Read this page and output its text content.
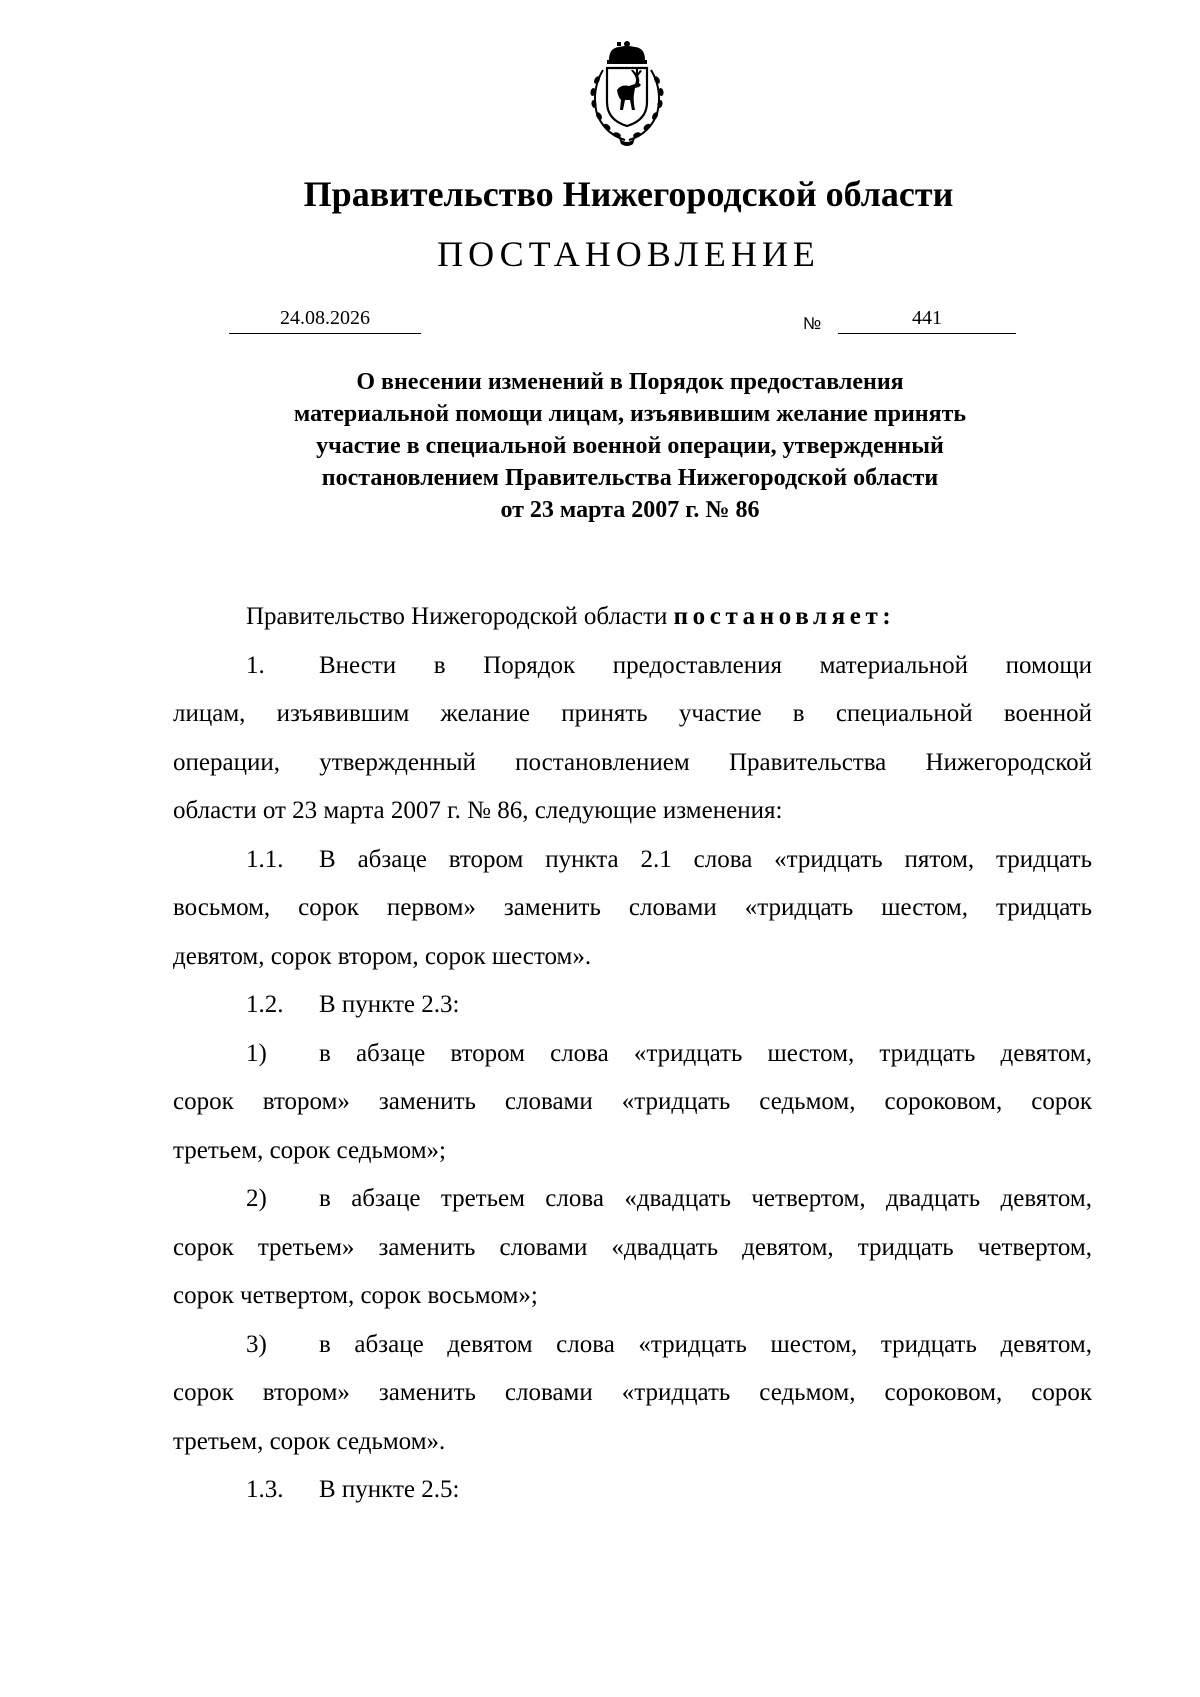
Правительство Нижегородской области
ПОСТАНОВЛЕНИЕ
24.08.2026	№	441
О внесении изменений в Порядок предоставления
материальной помощи лицам, изъявившим желание принять
участие в специальной военной операции, утвержденный
постановлением Правительства Нижегородской области
от 23 марта 2007 г. № 86
Правительство Нижегородской области постановляет:
1.	Внести в Порядок предоставления материальной помощи
лицам, изъявившим желание принять участие в специальной военной
операции, утвержденный постановлением Правительства Нижегородской
области от 23 марта 2007 г. № 86, следующие изменения:
1.1.	В абзаце втором пункта 2.1 слова «тридцать пятом, тридцать
восьмом, сорок первом» заменить словами «тридцать шестом, тридцать
девятом, сорок втором, сорок шестом».
1.2. В пункте 2.3:
1)	в абзаце втором слова «тридцать шестом, тридцать девятом,
сорок втором» заменить словами «тридцать седьмом, сороковом, сорок
третьем, сорок седьмом»;
2)	в абзаце третьем слова «двадцать четвертом, двадцать девятом,
сорок третьем» заменить словами «двадцать девятом, тридцать четвертом,
сорок четвертом, сорок восьмом»;
3)	в абзаце девятом слова «тридцать шестом, тридцать девятом,
сорок втором» заменить словами «тридцать седьмом, сороковом, сорок
третьем, сорок седьмом».
1.3. В пункте 2.5:
